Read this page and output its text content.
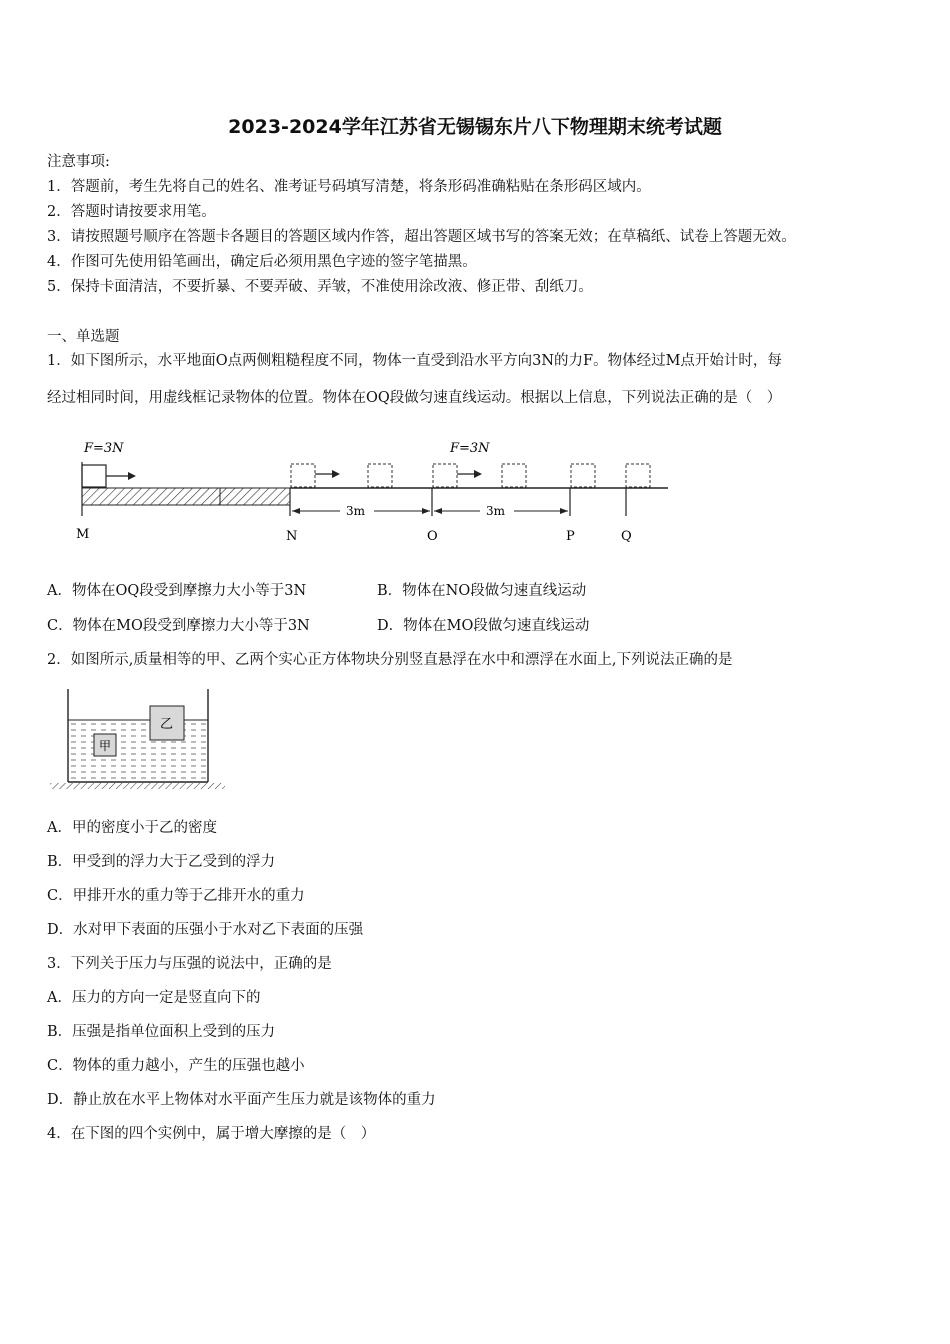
2023-2024学年江苏省无锡锡东片八下物理期末统考试题
注意事项:
1．答题前，考生先将自己的姓名、准考证号码填写清楚，将条形码准确粘贴在条形码区域内。
2．答题时请按要求用笔。
3．请按照题号顺序在答题卡各题目的答题区域内作答，超出答题区域书写的答案无效；在草稿纸、试卷上答题无效。
4．作图可先使用铅笔画出，确定后必须用黑色字迹的签字笔描黑。
5．保持卡面清洁，不要折暴、不要弄破、弄皱，不准使用涂改液、修正带、刮纸刀。
一、单选题
1．如下图所示，水平地面O点两侧粗糙程度不同，物体一直受到沿水平方向3N的力F。物体经过M点开始计时，每
经过相同时间，用虚线框记录物体的位置。物体在OQ段做匀速直线运动。根据以上信息，下列说法正确的是（　）
F=3N	F=3N
3m	3m
M	N	O	P	Q
A．物体在OQ段受到摩擦力大小等于3N	B．物体在NO段做匀速直线运动
C．物体在MO段受到摩擦力大小等于3N	D．物体在MO段做匀速直线运动
2．如图所示,质量相等的甲、乙两个实心正方体物块分别竖直悬浮在水中和漂浮在水面上,下列说法正确的是
甲
乙
A．甲的密度小于乙的密度
B．甲受到的浮力大于乙受到的浮力
C．甲排开水的重力等于乙排开水的重力
D．水对甲下表面的压强小于水对乙下表面的压强
3．下列关于压力与压强的说法中，正确的是
A．压力的方向一定是竖直向下的
B．压强是指单位面积上受到的压力
C．物体的重力越小，产生的压强也越小
D．静止放在水平上物体对水平面产生压力就是该物体的重力
4．在下图的四个实例中，属于增大摩擦的是（　）
